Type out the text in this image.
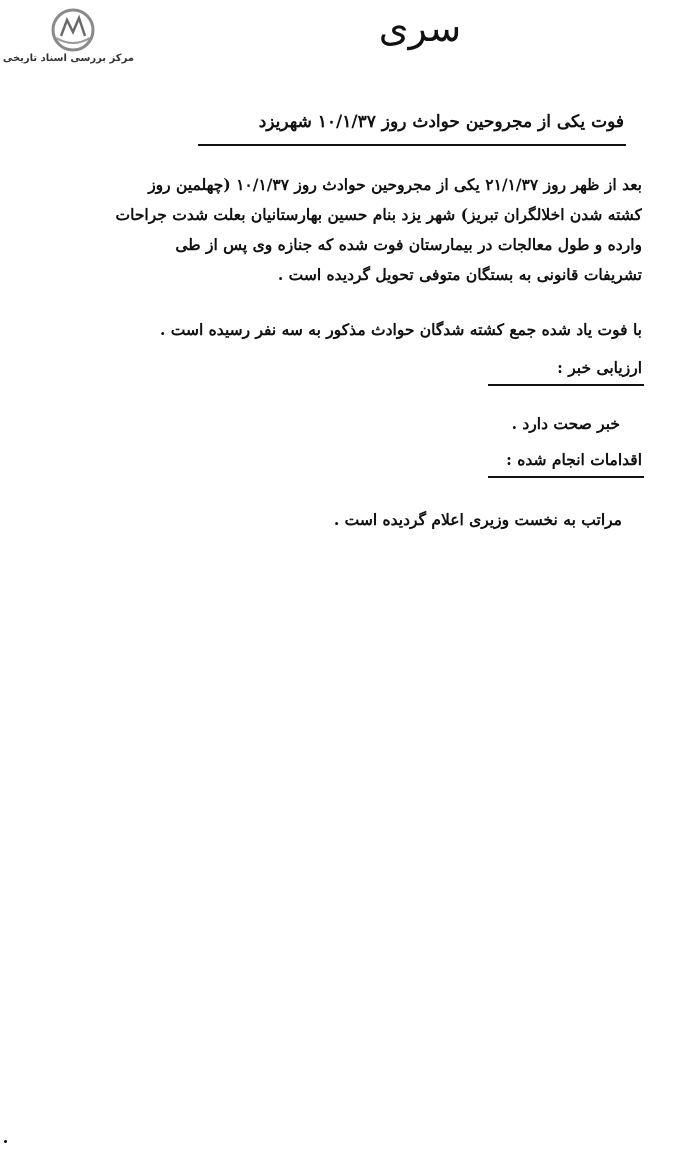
مرکز بررسی اسناد تاریخی
سری
فوت یکی از مجروحین حوادث روز ۱۰/۱/۳۷ شهریزد
بعد از ظهر روز ۲۱/۱/۳۷ یکی از مجروحین حوادث روز ۱۰/۱/۳۷ (چهلمین روز
کشته شدن اخلالگران تبریز) شهر یزد بنام حسین بهارستانیان بعلت شدت جراحات
وارده و طول معالجات در بیمارستان فوت شده که جنازه وی پس از طی
تشریفات قانونی به بستگان متوفی تحویل گردیده است .
با فوت یاد شده جمع کشته شدگان حوادث مذکور به سه نفر رسیده است .
ارزیابی خبر :
خبر صحت دارد .
اقدامات انجام شده :
مراتب به نخست وزیری اعلام گردیده است .
